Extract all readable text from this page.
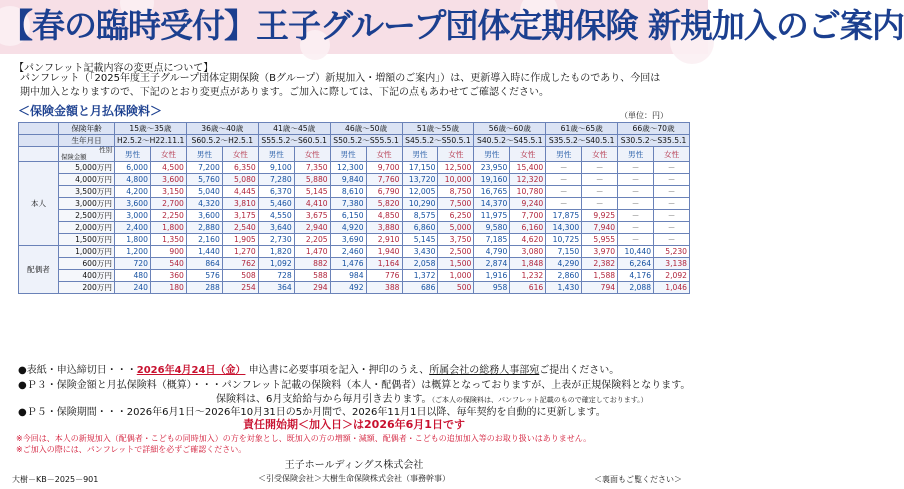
【春の臨時受付】王子グループ団体定期保険 新規加入のご案内
【パンフレット記載内容の変更点について】
パンフレット（「2025年度王子グループ団体定期保険（Bグループ）新規加入・増額のご案内」）は、更新導入時に作成したものであり、今回は
期中加入となりますので、下記のとおり変更点があります。ご加入に際しては、下記の点もあわせてご確認ください。
＜保険金額と月払保険料＞	（単位：円）
	保険年齢	15歳～35歳		36歳～40歳		41歳～45歳		46歳～50歳		51歳～55歳		56歳～60歳		61歳～65歳		66歳～70歳	
	生年月日	H2.5.2～H22.11.1		S60.5.2～H2.5.1		S55.5.2～S60.5.1		S50.5.2～S55.5.1		S45.5.2～S50.5.1		S40.5.2～S45.5.1		S35.5.2～S40.5.1		S30.5.2～S35.5.1	

	性別
保険金額	男性	女性	男性	女性	男性	女性	男性	女性	男性	女性	男性	女性	男性	女性	男性	女性
本人	5,000万円	6,000	4,500	7,200	6,350	9,100	7,350	12,300	9,700	17,150	12,500	23,950	15,400	－	－	－	－
	4,000万円	4,800	3,600	5,760	5,080	7,280	5,880	9,840	7,760	13,720	10,000	19,160	12,320	－	－	－	－
	3,500万円	4,200	3,150	5,040	4,445	6,370	5,145	8,610	6,790	12,005	8,750	16,765	10,780	－	－	－	－
	3,000万円	3,600	2,700	4,320	3,810	5,460	4,410	7,380	5,820	10,290	7,500	14,370	9,240	－	－	－	－
	2,500万円	3,000	2,250	3,600	3,175	4,550	3,675	6,150	4,850	8,575	6,250	11,975	7,700	17,875	9,925	－	－
	2,000万円	2,400	1,800	2,880	2,540	3,640	2,940	4,920	3,880	6,860	5,000	9,580	6,160	14,300	7,940	－	－
	1,500万円	1,800	1,350	2,160	1,905	2,730	2,205	3,690	2,910	5,145	3,750	7,185	4,620	10,725	5,955	－	－
配偶者	1,000万円	1,200	900	1,440	1,270	1,820	1,470	2,460	1,940	3,430	2,500	4,790	3,080	7,150	3,970	10,440	5,230
	600万円	720	540	864	762	1,092	882	1,476	1,164	2,058	1,500	2,874	1,848	4,290	2,382	6,264	3,138
	400万円	480	360	576	508	728	588	984	776	1,372	1,000	1,916	1,232	2,860	1,588	4,176	2,092
	200万円	240	180	288	254	364	294	492	388	686	500	958	616	1,430	794	2,088	1,046
●表紙・申込締切日・・・2026年4月24日（金） 申込書に必要事項を記入・押印のうえ、所属会社の総務人事部宛ご提出ください。
●Ｐ３・保険金額と月払保険料（概算）・・・パンフレット記載の保険料（本人・配偶者）は概算となっておりますが、上表が正規保険料となります。
保険料は、6月支給給与から毎月引き去ります。（ご本人の保険料は、パンフレット記載のもので確定しております。）
●Ｐ５・保険期間・・・2026年6月1日～2026年10月31日の5か月間で、2026年11月1日以降、毎年契約を自動的に更新します。
責任開始期＜加入日＞は2026年6月1日です
※今回は、本人の新規加入（配偶者・こどもの同時加入）の方を対象とし、既加入の方の増額・減額、配偶者・こどもの追加加入等のお取り扱いはありません。
※ご加入の際には、パンフレットで詳細を必ずご確認ください。
王子ホールディングス株式会社
大樹－KB－2025－901	＜引受保険会社＞大樹生命保険株式会社（事務幹事）	＜裏面もご覧ください＞
